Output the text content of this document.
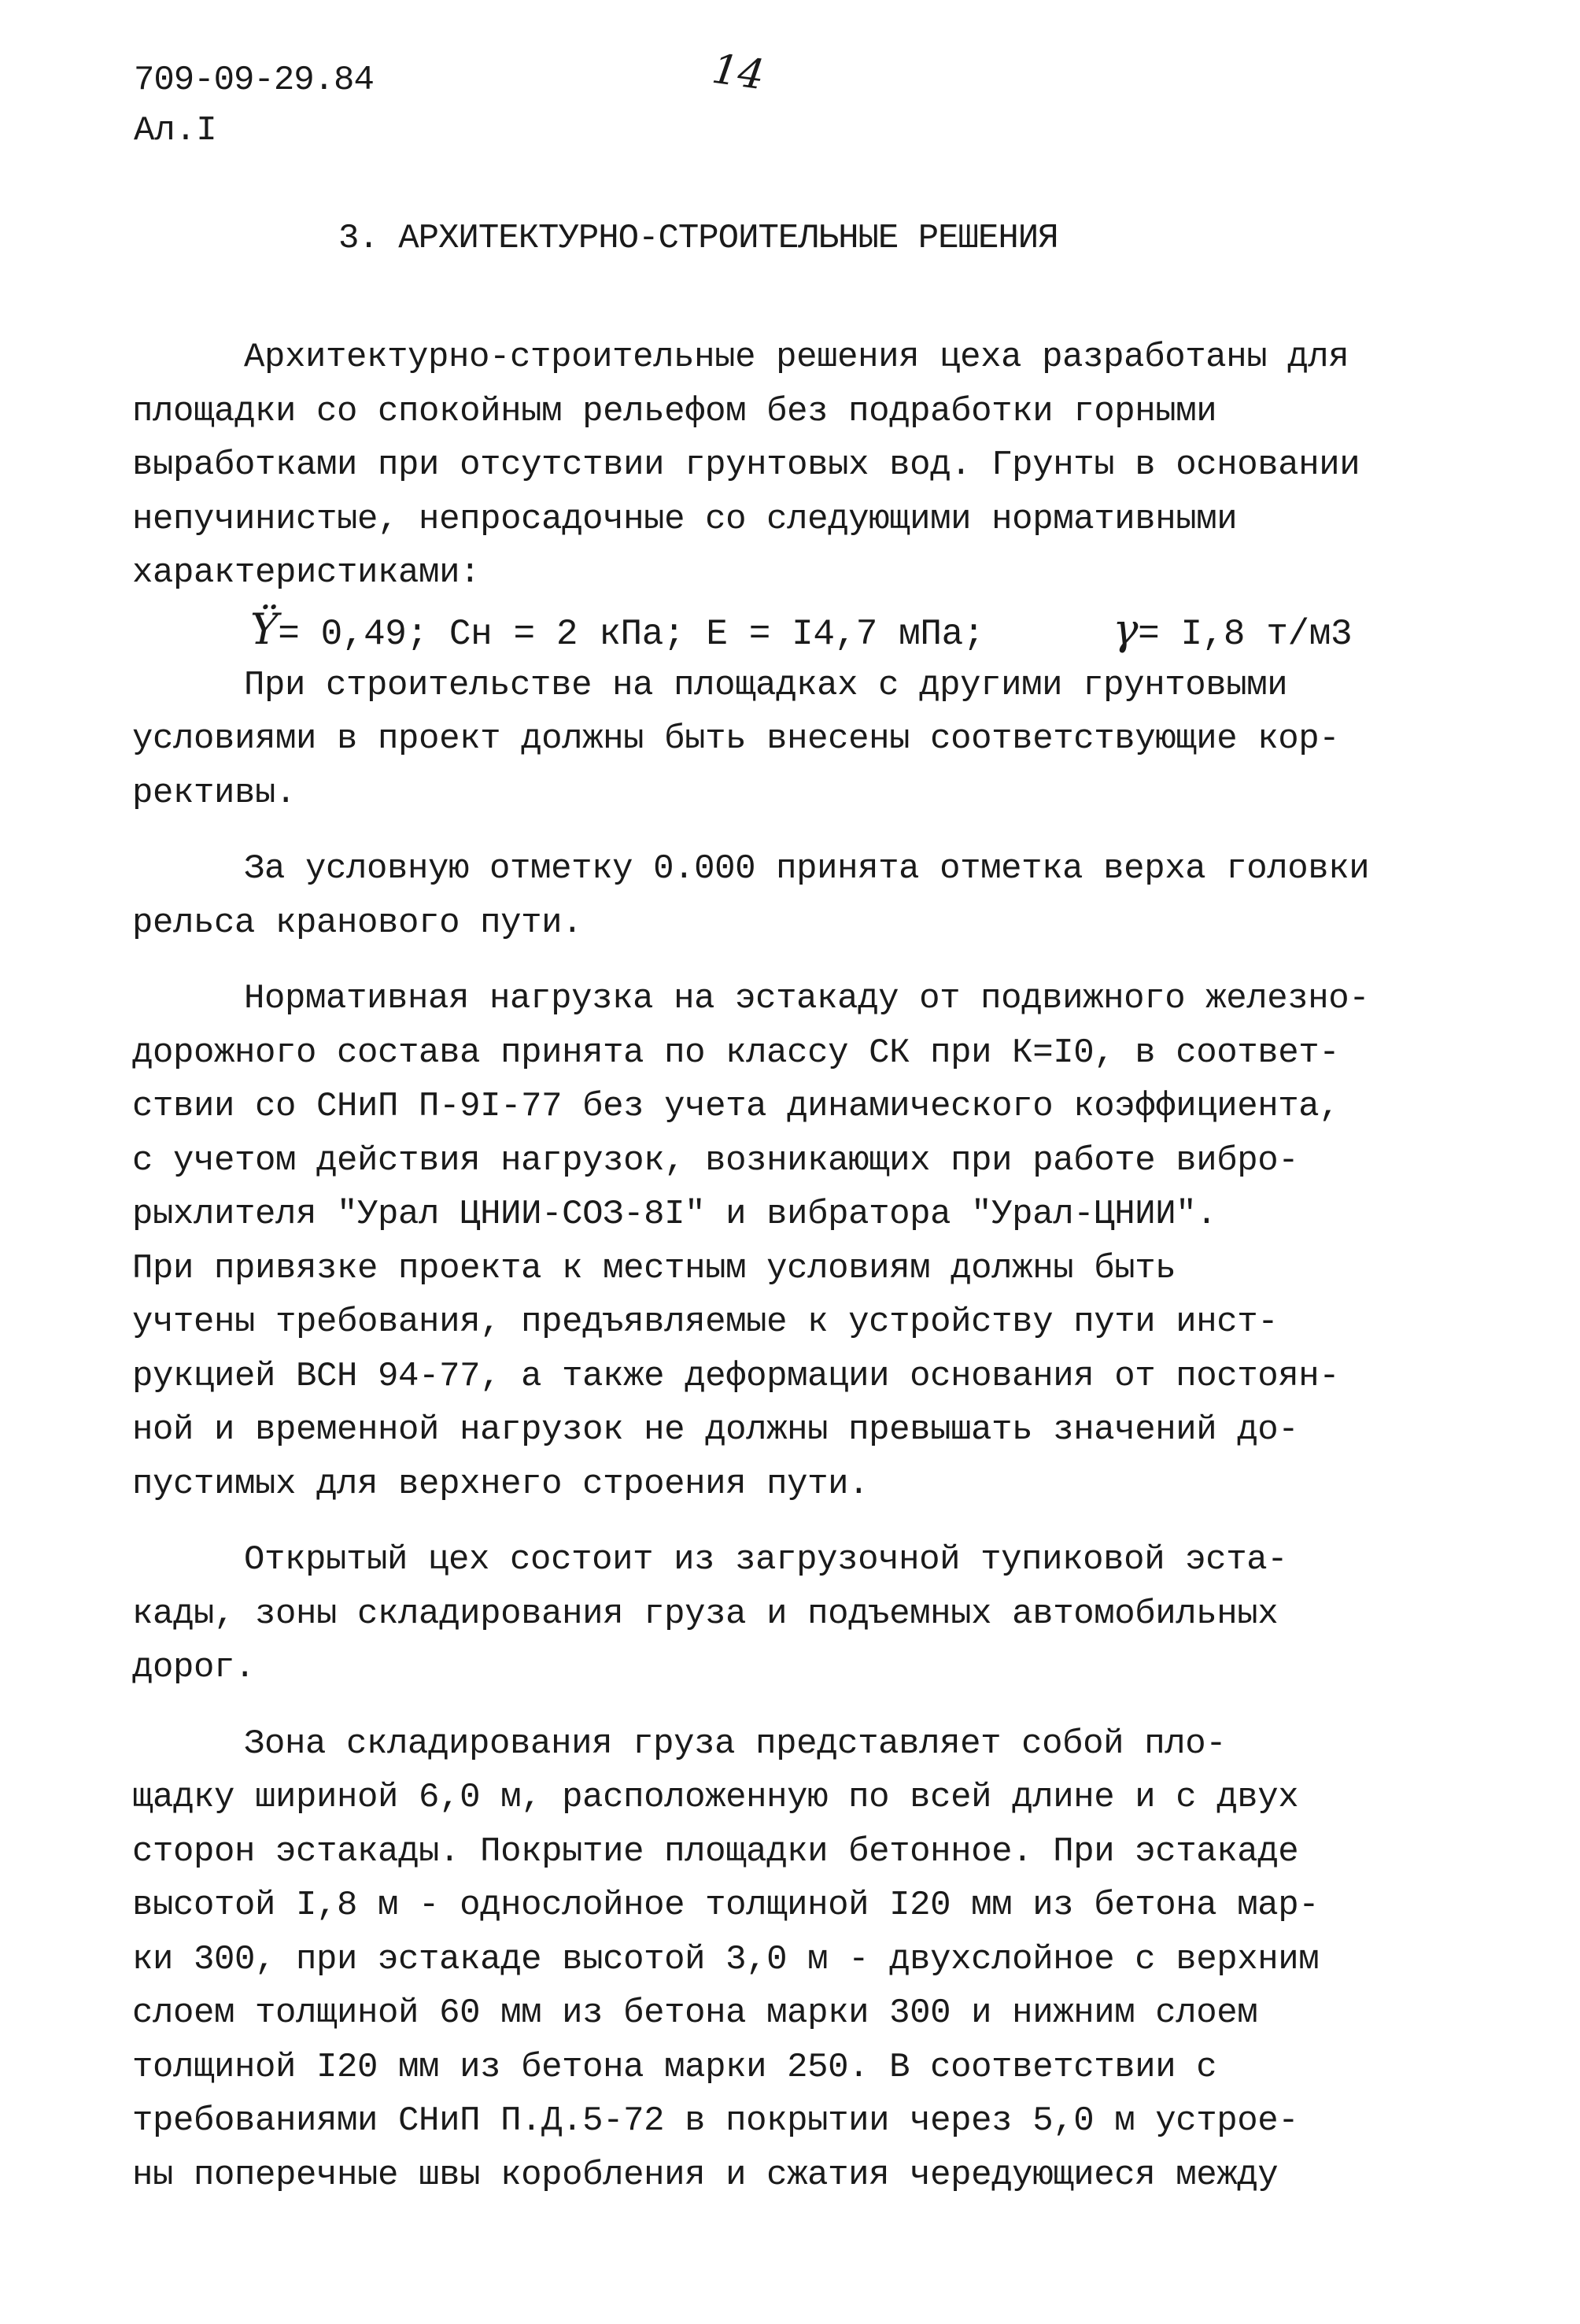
709-09-29.84	14
Ал.I
3. АРХИТЕКТУРНО-СТРОИТЕЛЬНЫЕ РЕШЕНИЯ
Архитектурно-строительные решения цеха разработаны для
площадки со спокойным рельефом без подработки горными
выработками при отсутствии грунтовых вод. Грунты в основании
непучинистые, непросадочные со следующими нормативными
характеристиками:
Ϋ= 0,49; Сн = 2 кПа; Е = I4,7 мПа;	γ= I,8 т/м3
При строительстве на площадках с другими грунтовыми
условиями в проект должны быть внесены соответствующие кор-
рективы.
За условную отметку 0.000 принята отметка верха головки
рельса кранового пути.
Нормативная нагрузка на эстакаду от подвижного железно-
дорожного состава принята по классу СК при К=I0, в соответ-
ствии со СНиП П-9I-77 без учета динамического коэффициента,
с учетом действия нагрузок, возникающих при работе вибро-
рыхлителя "Урал ЦНИИ-СОЗ-8I" и вибратора "Урал-ЦНИИ".
При привязке проекта к местным условиям должны быть
учтены требования, предъявляемые к устройству пути инст-
рукцией ВСН 94-77, а также деформации основания от постоян-
ной и временной нагрузок не должны превышать значений до-
пустимых для верхнего строения пути.
Открытый цех состоит из загрузочной тупиковой эста-
кады, зоны складирования груза и подъемных автомобильных
дорог.
Зона складирования груза представляет собой пло-
щадку шириной 6,0 м, расположенную по всей длине и с двух
сторон эстакады. Покрытие площадки бетонное. При эстакаде
высотой I,8 м - однослойное толщиной I20 мм из бетона мар-
ки 300, при эстакаде высотой 3,0 м - двухслойное с верхним
слоем толщиной 60 мм из бетона марки 300 и нижним слоем
толщиной I20 мм из бетона марки 250. В соответствии с
требованиями СНиП П.Д.5-72 в покрытии через 5,0 м устрое-
ны поперечные швы коробления и сжатия чередующиеся между
